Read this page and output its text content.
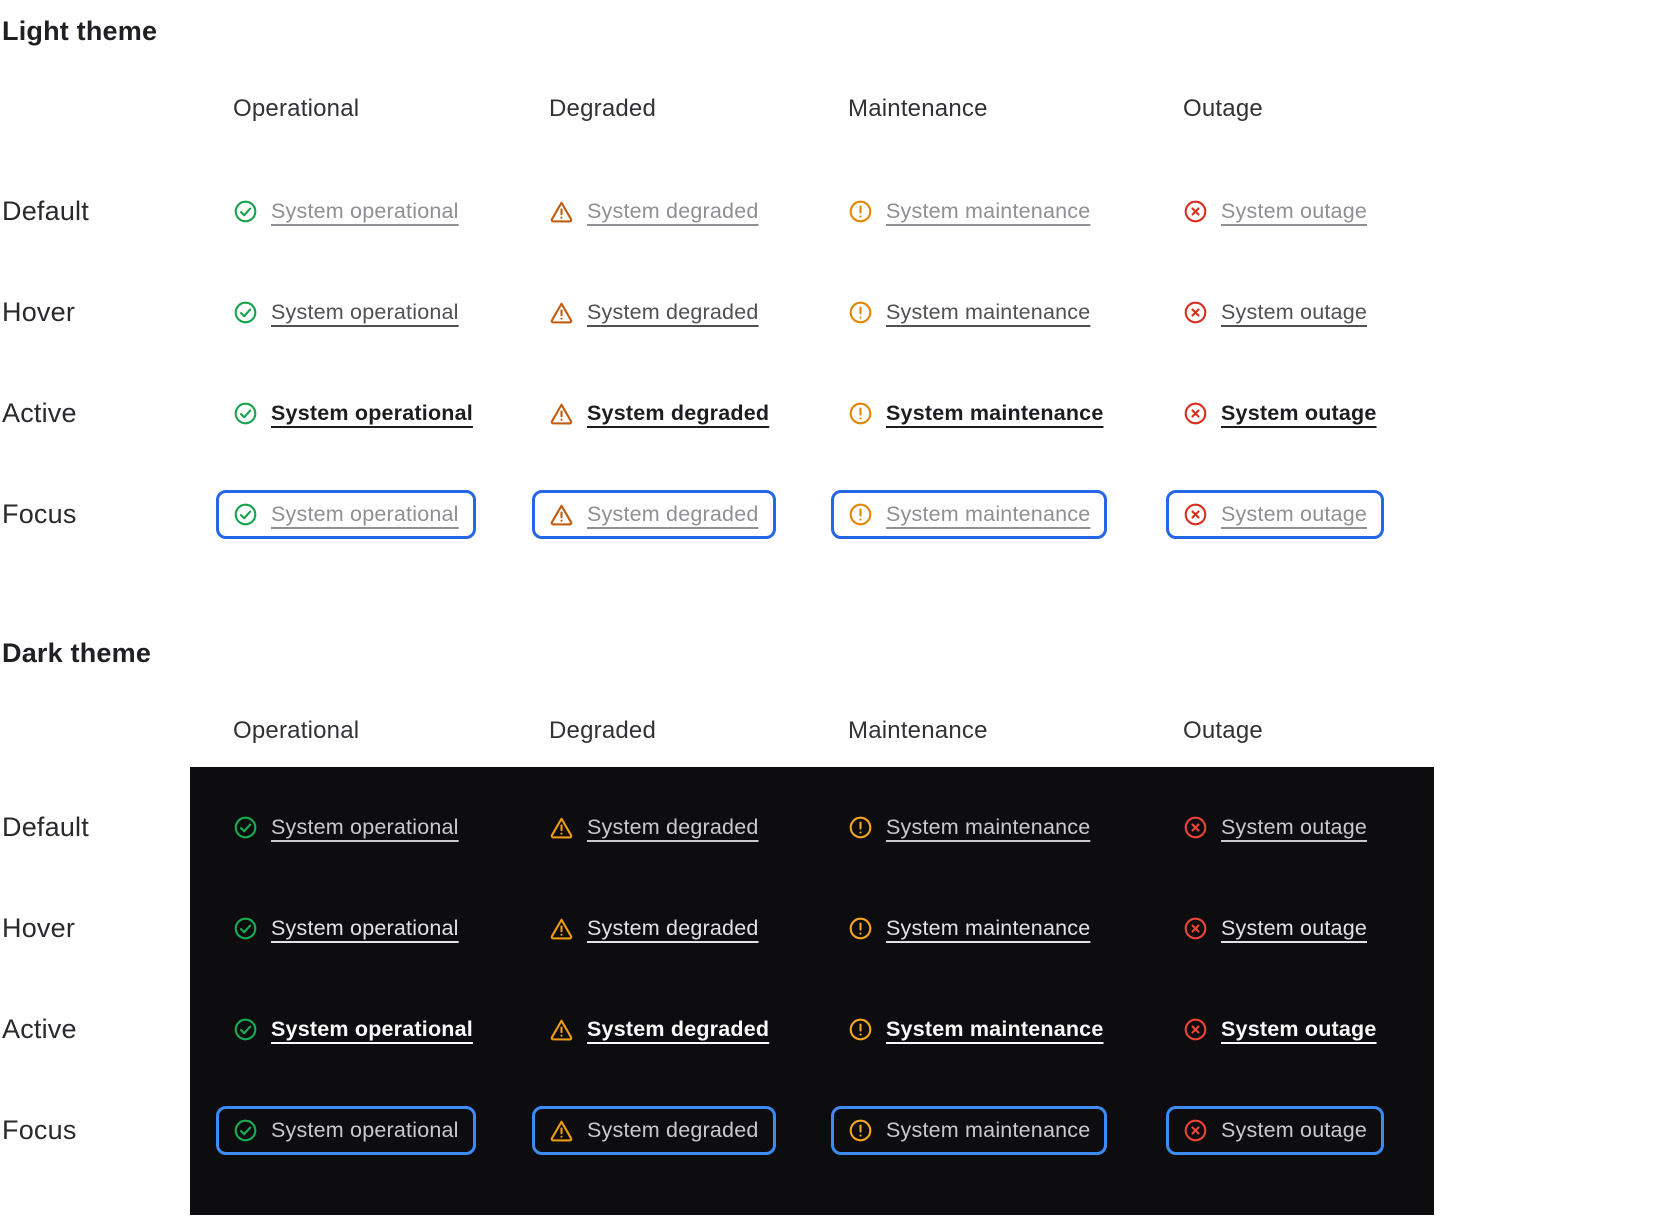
Light theme
Operational	Degraded	Maintenance	Outage
Default	System operational	System degraded	System maintenance	System outage
Hover	System operational	System degraded	System maintenance	System outage
Active	System operational	System degraded	System maintenance	System outage
Focus	System operational	System degraded	System maintenance	System outage
Dark theme
Operational	Degraded	Maintenance	Outage
Default	System operational	System degraded	System maintenance	System outage
Hover	System operational	System degraded	System maintenance	System outage
Active	System operational	System degraded	System maintenance	System outage
Focus	System operational	System degraded	System maintenance	System outage
